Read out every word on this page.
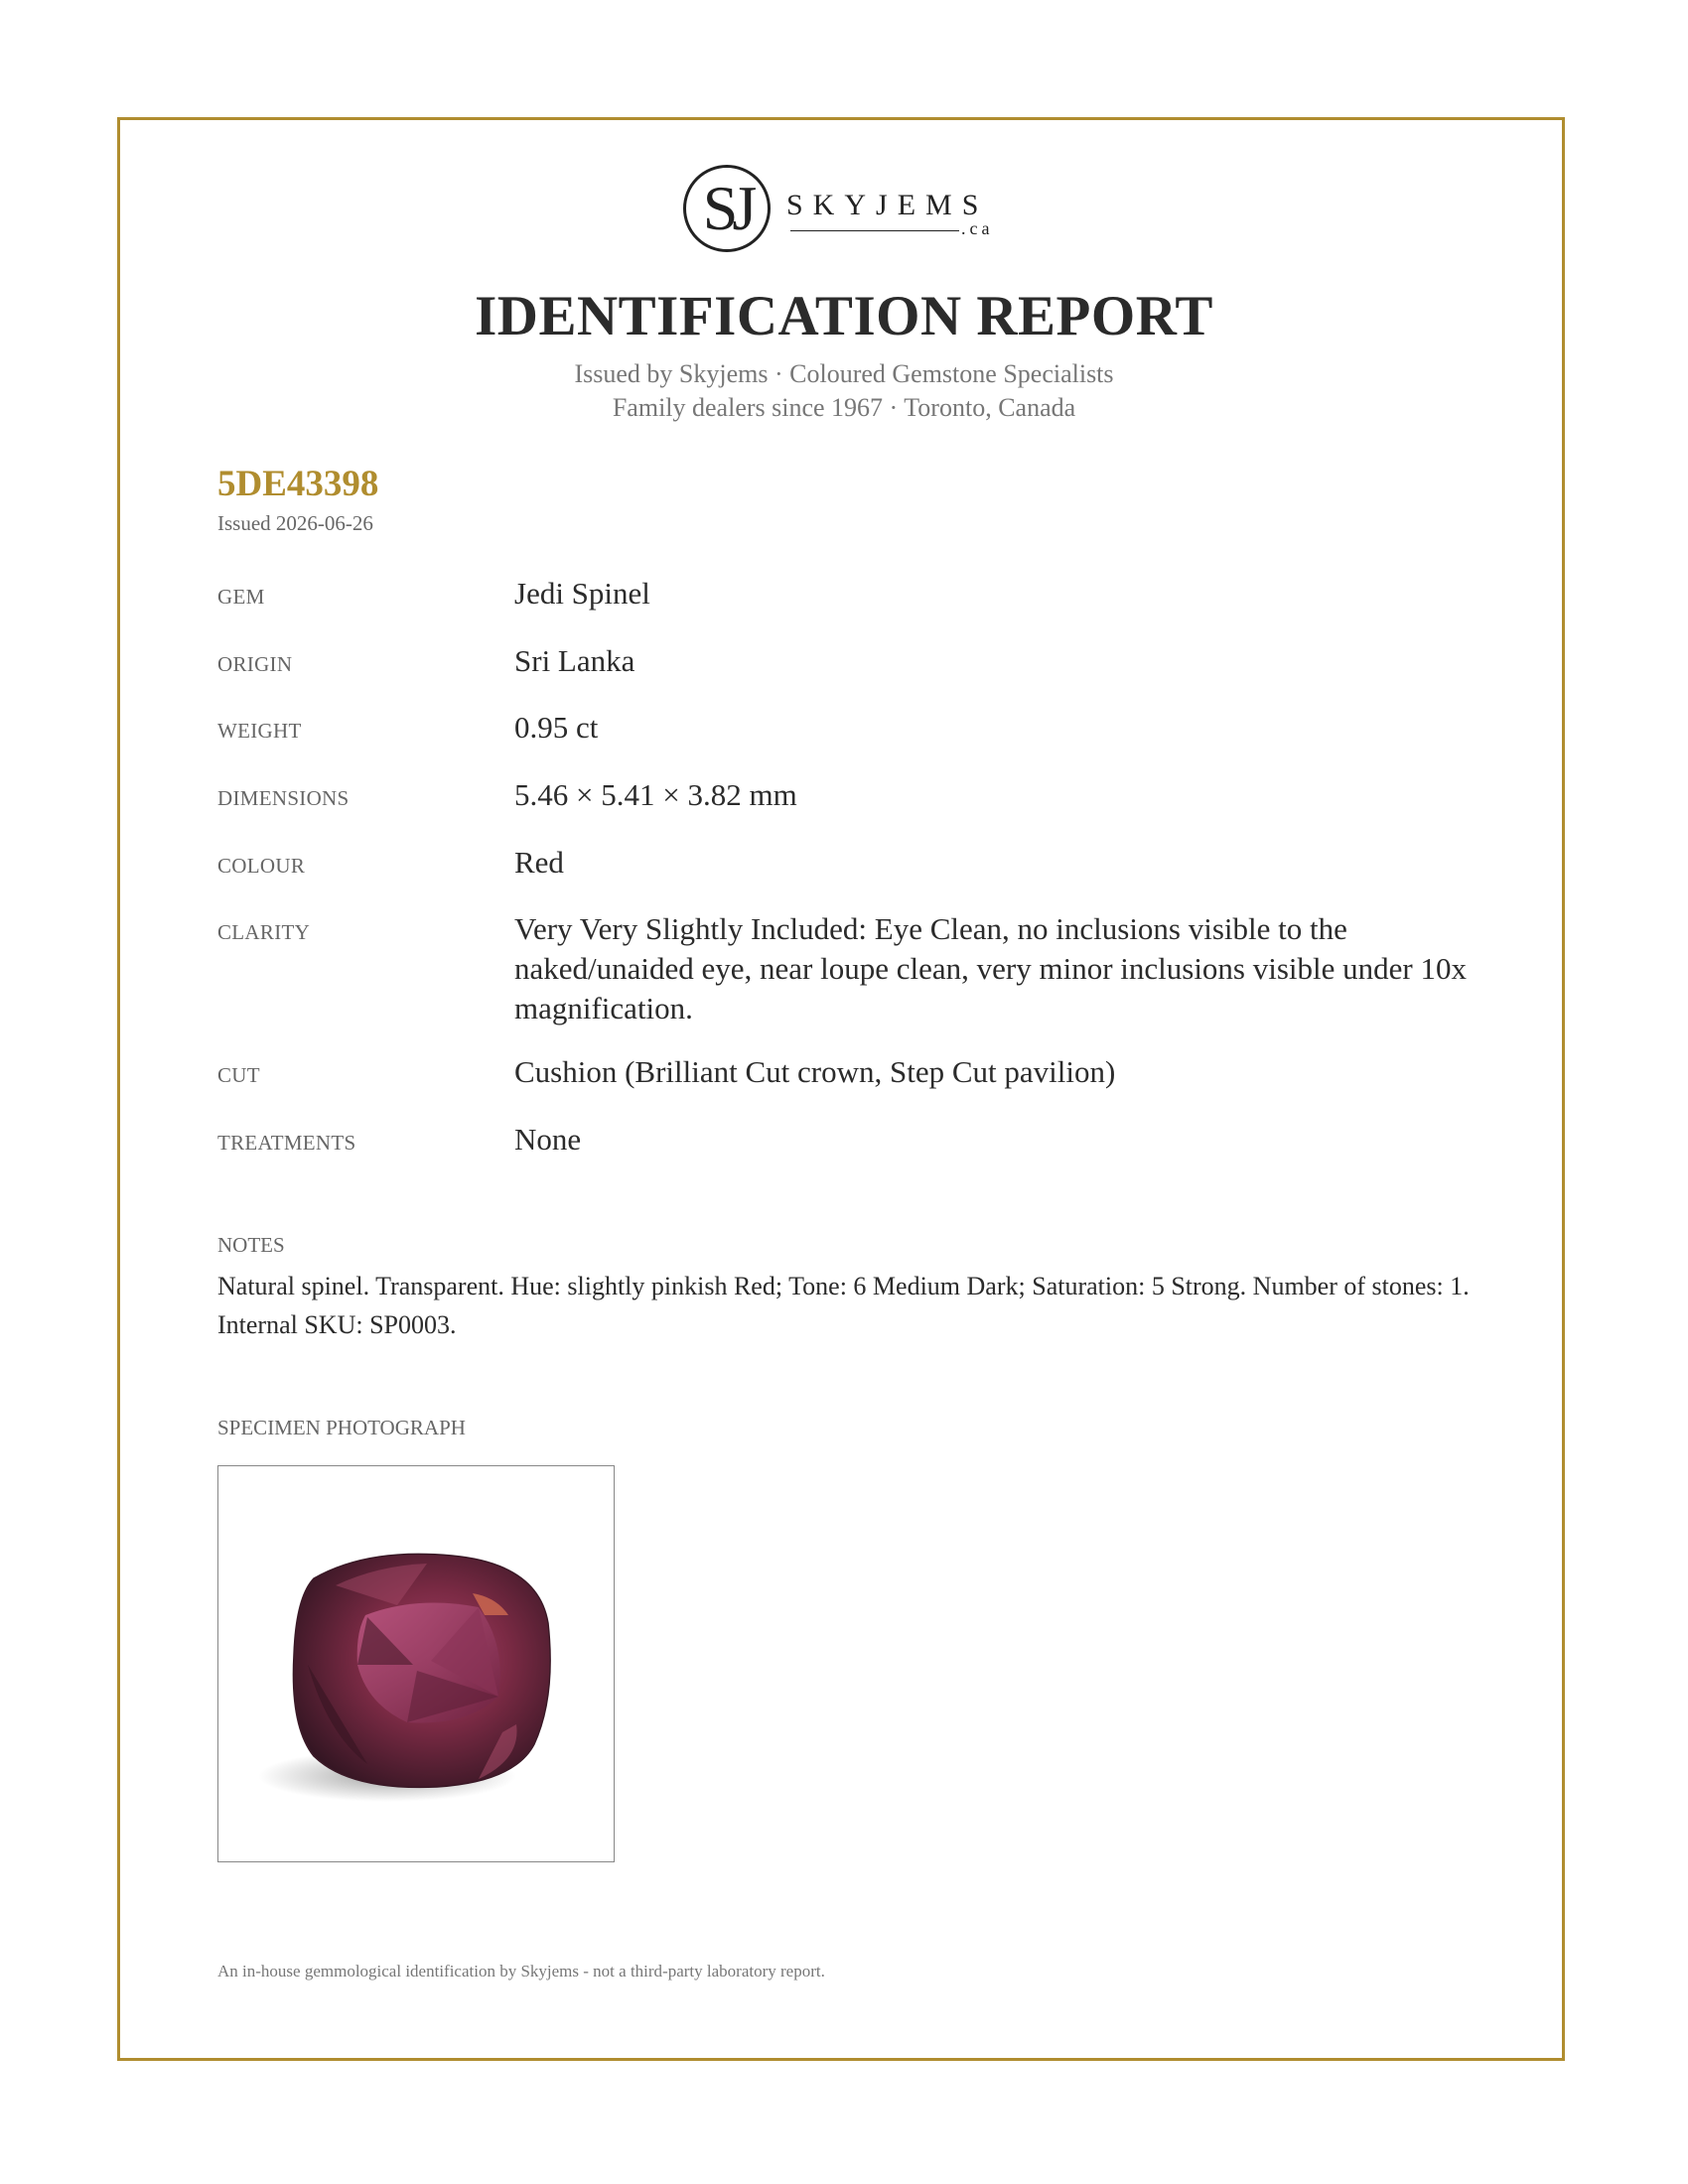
SJ	SKYJEMS
.ca
IDENTIFICATION REPORT
Issued by Skyjems · Coloured Gemstone Specialists
Family dealers since 1967 · Toronto, Canada
5DE43398
Issued 2026-06-26
GEM	Jedi Spinel
ORIGIN	Sri Lanka
WEIGHT	0.95 ct
DIMENSIONS	5.46 × 5.41 × 3.82 mm
COLOUR	Red
CLARITY	Very Very Slightly Included: Eye Clean, no inclusions visible to the naked/unaided eye, near loupe clean, very minor inclusions visible under 10x magnification.
CUT	Cushion (Brilliant Cut crown, Step Cut pavilion)
TREATMENTS	None
NOTES
Natural spinel. Transparent. Hue: slightly pinkish Red; Tone: 6 Medium Dark; Saturation: 5 Strong. Number of stones: 1. Internal SKU: SP0003.
SPECIMEN PHOTOGRAPH
An in-house gemmological identification by Skyjems - not a third-party laboratory report.
